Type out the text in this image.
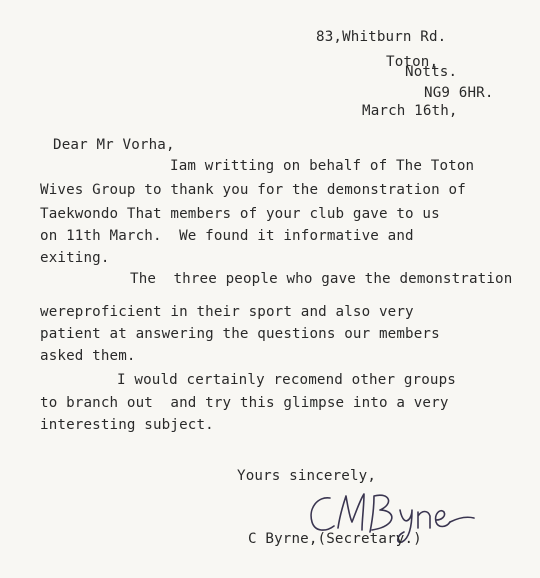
83,Whitburn Rd.
Toton,
Notts.
NG9 6HR.
March 16th,
Dear Mr Vorha,
Iam writting on behalf of The Toton
Wives Group to thank you for the demonstration of
Taekwondo That members of your club gave to us
on 11th March.  We found it informative and
exiting.
The  three people who gave the demonstration
wereproficient in their sport and also very
patient at answering the questions our members
asked them.
I would certainly recomend other groups
to branch out  and try this glimpse into a very
interesting subject.
Yours sincerely,
C Byrne,(Secretary.)
